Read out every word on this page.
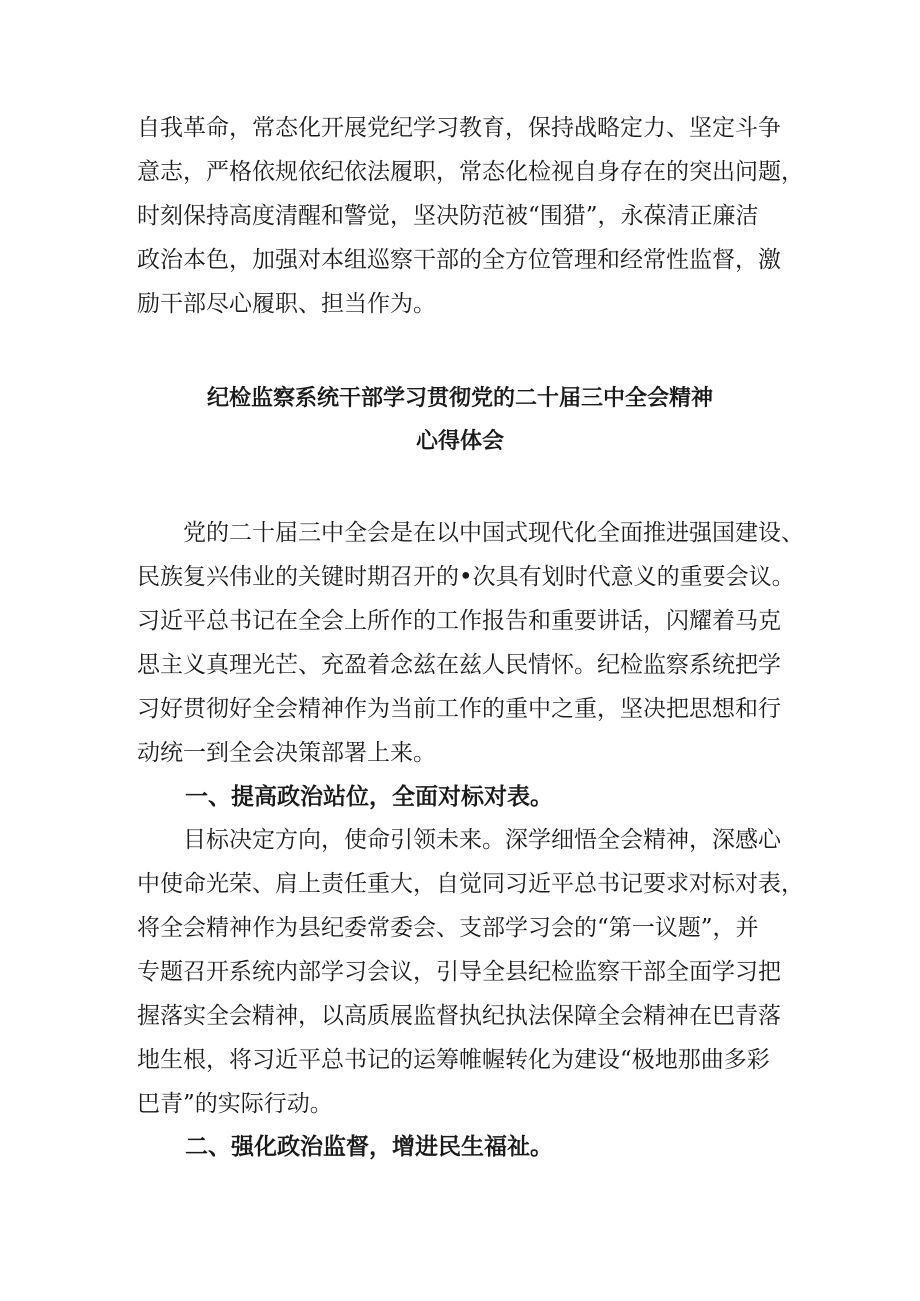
自我革命，常态化开展党纪学习教育，保持战略定力、坚定斗争
意志，严格依规依纪依法履职，常态化检视自身存在的突出问题，
时刻保持高度清醒和警觉，坚决防范被“围猎”，永葆清正廉洁
政治本色，加强对本组巡察干部的全方位管理和经常性监督，激
励干部尽心履职、担当作为。
纪检监察系统干部学习贯彻党的二十届三中全会精神
心得体会
　　党的二十届三中全会是在以中国式现代化全面推进强国建设、
民族复兴伟业的关键时期召开的•次具有划时代意义的重要会议。
习近平总书记在全会上所作的工作报告和重要讲话，闪耀着马克
思主义真理光芒、充盈着念兹在兹人民情怀。纪检监察系统把学
习好贯彻好全会精神作为当前工作的重中之重，坚决把思想和行
动统一到全会决策部署上来。
一、提高政治站位，全面对标对表。
　　目标决定方向，使命引领未来。深学细悟全会精神，深感心
中使命光荣、肩上责任重大，自觉同习近平总书记要求对标对表，
将全会精神作为县纪委常委会、支部学习会的“第一议题”，并
专题召开系统内部学习会议，引导全县纪检监察干部全面学习把
握落实全会精神，以高质展监督执纪执法保障全会精神在巴青落
地生根，将习近平总书记的运筹帷幄转化为建设“极地那曲多彩
巴青”的实际行动。
二、强化政治监督，增进民生福祉。
